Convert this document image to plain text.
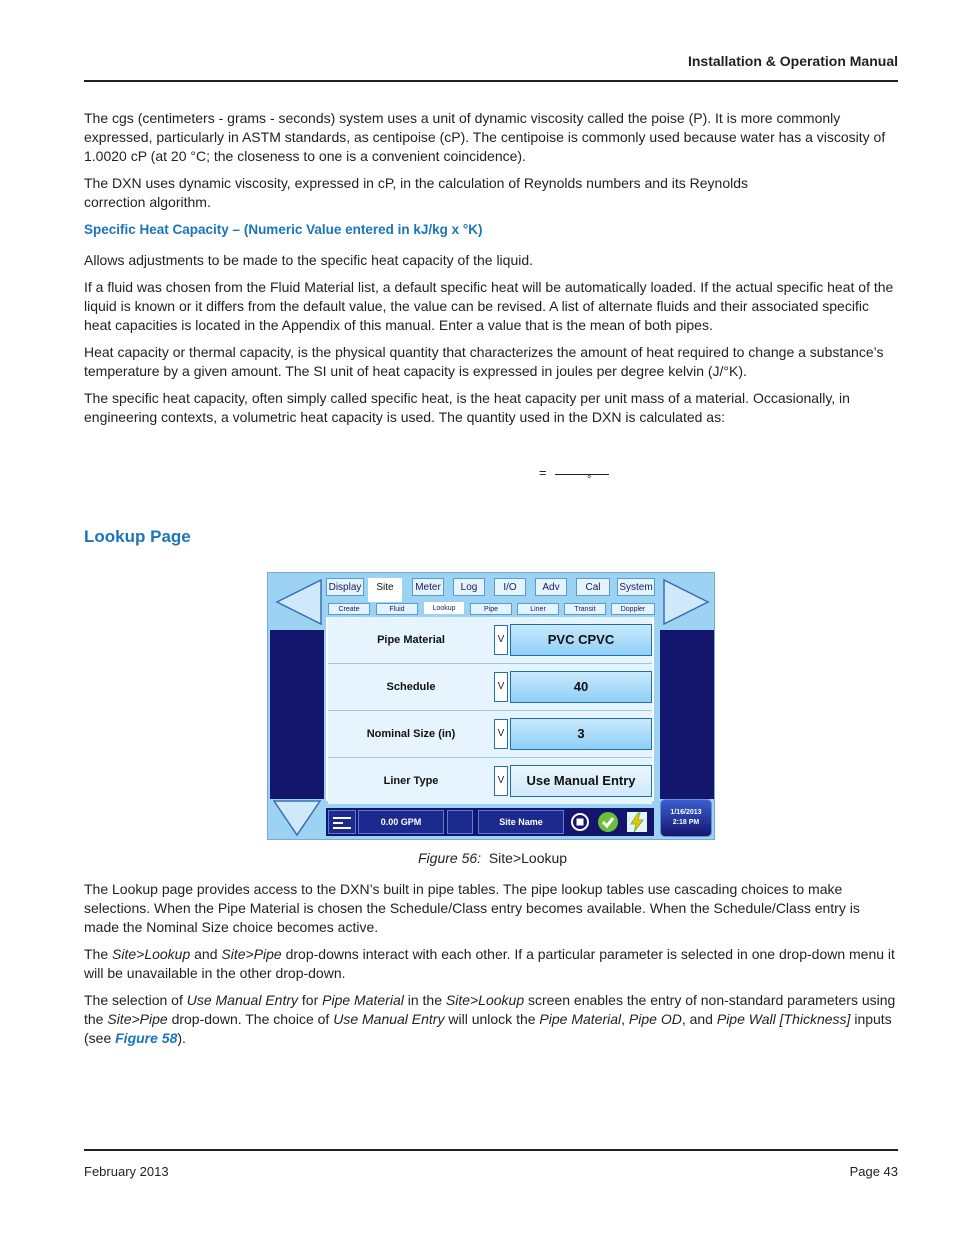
Installation & Operation Manual

The cgs (centimeters - grams - seconds) system uses a unit of dynamic viscosity called the poise (P). It is more commonly expressed, particularly in ASTM standards, as centipoise (cP). The centipoise is commonly used because water has a viscosity of 1.0020 cP (at 20 °C; the closeness to one is a convenient coincidence).

The DXN uses dynamic viscosity, expressed in cP, in the calculation of Reynolds numbers and its Reynolds correction algorithm.

Specific Heat Capacity – (Numeric Value entered in kJ/kg x °K)

Allows adjustments to be made to the specific heat capacity of the liquid.

If a fluid was chosen from the Fluid Material list, a default specific heat will be automatically loaded. If the actual specific heat of the liquid is known or it differs from the default value, the value can be revised. A list of alternate fluids and their associated specific heat capacities is located in the Appendix of this manual. Enter a value that is the mean of both pipes.

Heat capacity or thermal capacity, is the physical quantity that characterizes the amount of heat required to change a substance’s temperature by a given amount. The SI unit of heat capacity is expressed in joules per degree kelvin (J/°K).

The specific heat capacity, often simply called specific heat, is the heat capacity per unit mass of a material. Occasionally, in engineering contexts, a volumetric heat capacity is used. The quantity used in the DXN is calculated as:

=	°
Lookup Page
Display	Site	Meter	Log	I/O	Adv	Cal	System
Create	Fluid	Lookup	Pipe	Liner	Transit	Doppler
Pipe Material	V	PVC CPVC
Schedule	V	40
Nominal Size (in)	V	3
Liner Type	V	Use Manual Entry
0.00 GPM	Site Name
1/16/2013
2:18 PM
Figure 56: Site>Lookup

The Lookup page provides access to the DXN’s built in pipe tables. The pipe lookup tables use cascading choices to make selections. When the Pipe Material is chosen the Schedule/Class entry becomes available. When the Schedule/Class entry is made the Nominal Size choice becomes active.

The Site>Lookup and Site>Pipe drop-downs interact with each other. If a particular parameter is selected in one drop-down menu it will be unavailable in the other drop-down.

The selection of Use Manual Entry for Pipe Material in the Site>Lookup screen enables the entry of non-standard parameters using the Site>Pipe drop-down. The choice of Use Manual Entry will unlock the Pipe Material, Pipe OD, and Pipe Wall [Thickness] inputs (see Figure 58).

February 2013	Page 43
